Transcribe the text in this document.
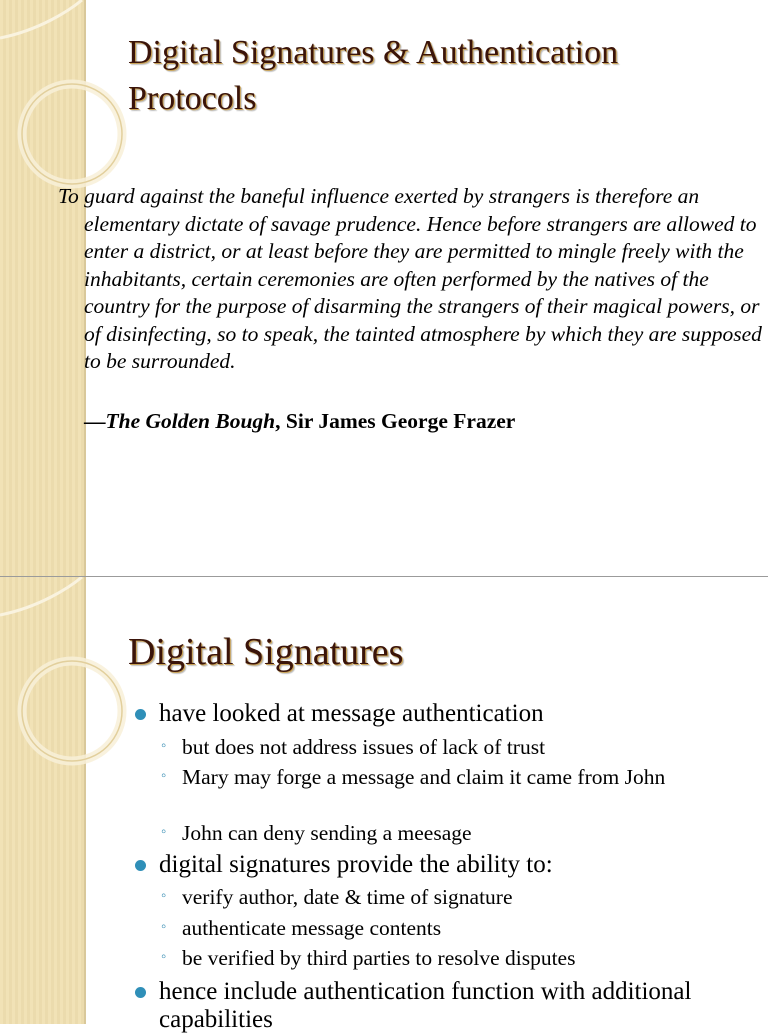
Digital Signatures & Authentication Protocols

To guard against the baneful influence exerted by strangers is therefore an elementary dictate of savage prudence. Hence before strangers are allowed to enter a district, or at least before they are permitted to mingle freely with the inhabitants, certain ceremonies are often performed by the natives of the country for the purpose of disarming the strangers of their magical powers, or of disinfecting, so to speak, the tainted atmosphere by which they are supposed to be surrounded.

—The Golden Bough, Sir James George Frazer

Digital Signatures
have looked at message authentication
◦ but does not address issues of lack of trust
◦ Mary may forge a message and claim it came from John
◦ John can deny sending a meesage
digital signatures provide the ability to:
◦ verify author, date & time of signature
◦ authenticate message contents
◦ be verified by third parties to resolve disputes
hence include authentication function with additional capabilities
